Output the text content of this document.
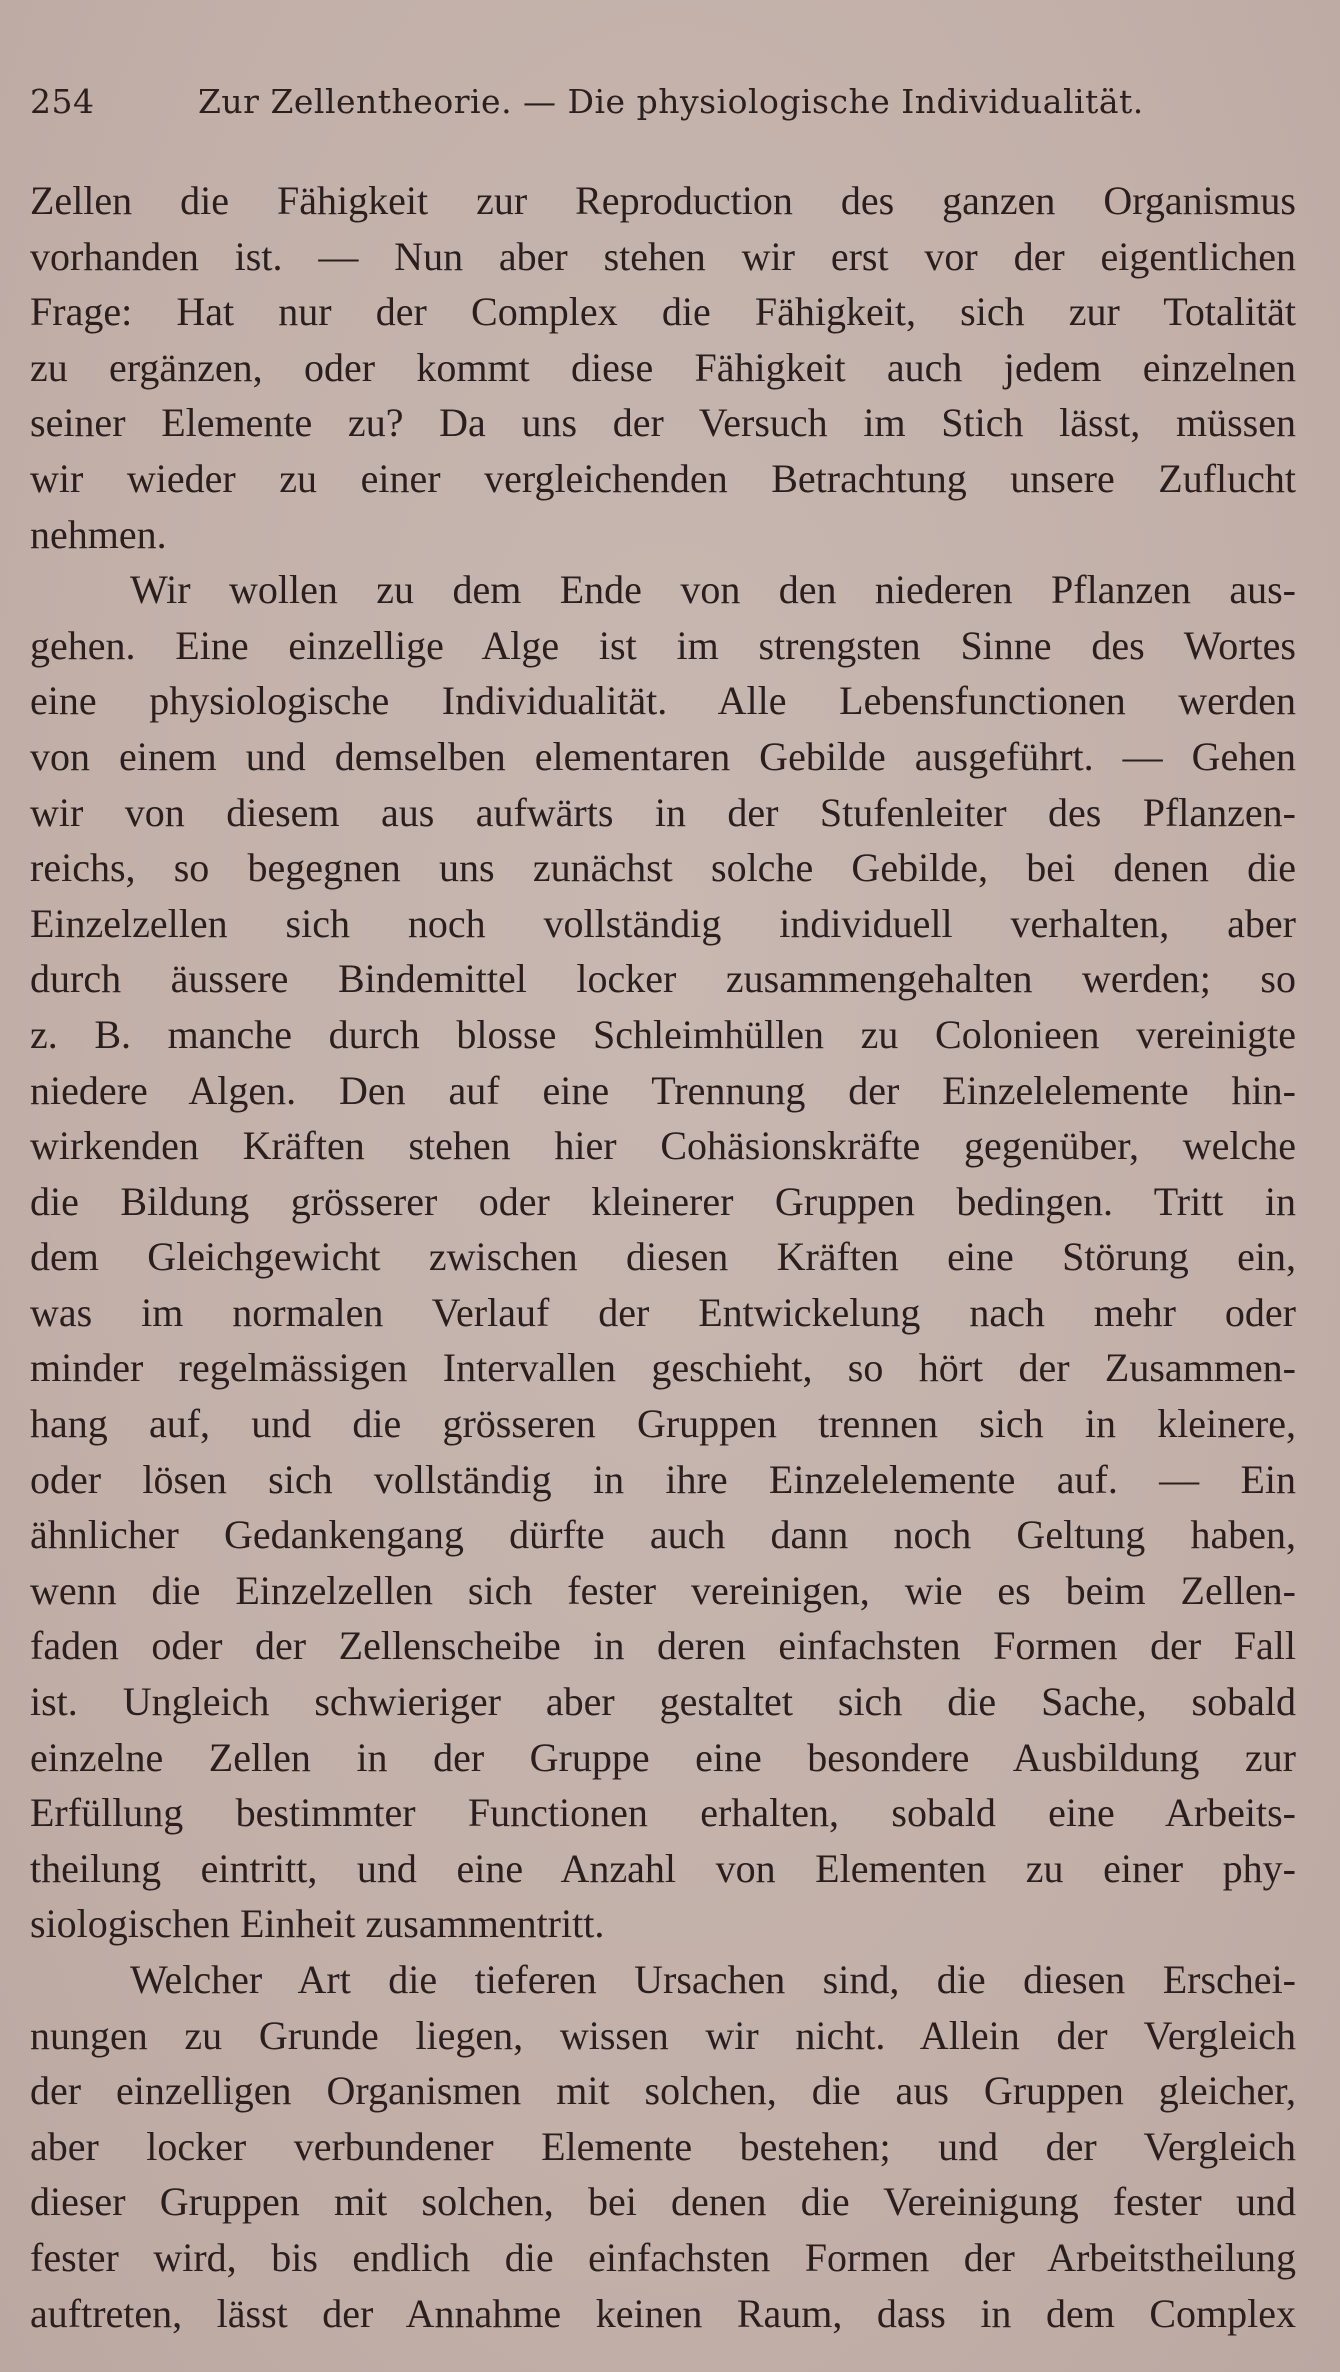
254	Zur Zellentheorie. — Die physiologische Individualität.
Zellen die Fähigkeit zur Reproduction des ganzen Organismus
vorhanden ist. — Nun aber stehen wir erst vor der eigentlichen
Frage: Hat nur der Complex die Fähigkeit, sich zur Totalität
zu ergänzen, oder kommt diese Fähigkeit auch jedem einzelnen
seiner Elemente zu? Da uns der Versuch im Stich lässt, müssen
wir wieder zu einer vergleichenden Betrachtung unsere Zuflucht
nehmen.
Wir wollen zu dem Ende von den niederen Pflanzen aus-
gehen. Eine einzellige Alge ist im strengsten Sinne des Wortes
eine physiologische Individualität. Alle Lebensfunctionen werden
von einem und demselben elementaren Gebilde ausgeführt. — Gehen
wir von diesem aus aufwärts in der Stufenleiter des Pflanzen-
reichs, so begegnen uns zunächst solche Gebilde, bei denen die
Einzelzellen sich noch vollständig individuell verhalten, aber
durch äussere Bindemittel locker zusammengehalten werden; so
z. B. manche durch blosse Schleimhüllen zu Colonieen vereinigte
niedere Algen. Den auf eine Trennung der Einzelelemente hin-
wirkenden Kräften stehen hier Cohäsionskräfte gegenüber, welche
die Bildung grösserer oder kleinerer Gruppen bedingen. Tritt in
dem Gleichgewicht zwischen diesen Kräften eine Störung ein,
was im normalen Verlauf der Entwickelung nach mehr oder
minder regelmässigen Intervallen geschieht, so hört der Zusammen-
hang auf, und die grösseren Gruppen trennen sich in kleinere,
oder lösen sich vollständig in ihre Einzelelemente auf. — Ein
ähnlicher Gedankengang dürfte auch dann noch Geltung haben,
wenn die Einzelzellen sich fester vereinigen, wie es beim Zellen-
faden oder der Zellenscheibe in deren einfachsten Formen der Fall
ist. Ungleich schwieriger aber gestaltet sich die Sache, sobald
einzelne Zellen in der Gruppe eine besondere Ausbildung zur
Erfüllung bestimmter Functionen erhalten, sobald eine Arbeits-
theilung eintritt, und eine Anzahl von Elementen zu einer phy-
siologischen Einheit zusammentritt.
Welcher Art die tieferen Ursachen sind, die diesen Erschei-
nungen zu Grunde liegen, wissen wir nicht. Allein der Vergleich
der einzelligen Organismen mit solchen, die aus Gruppen gleicher,
aber locker verbundener Elemente bestehen; und der Vergleich
dieser Gruppen mit solchen, bei denen die Vereinigung fester und
fester wird, bis endlich die einfachsten Formen der Arbeitstheilung
auftreten, lässt der Annahme keinen Raum, dass in dem Complex
